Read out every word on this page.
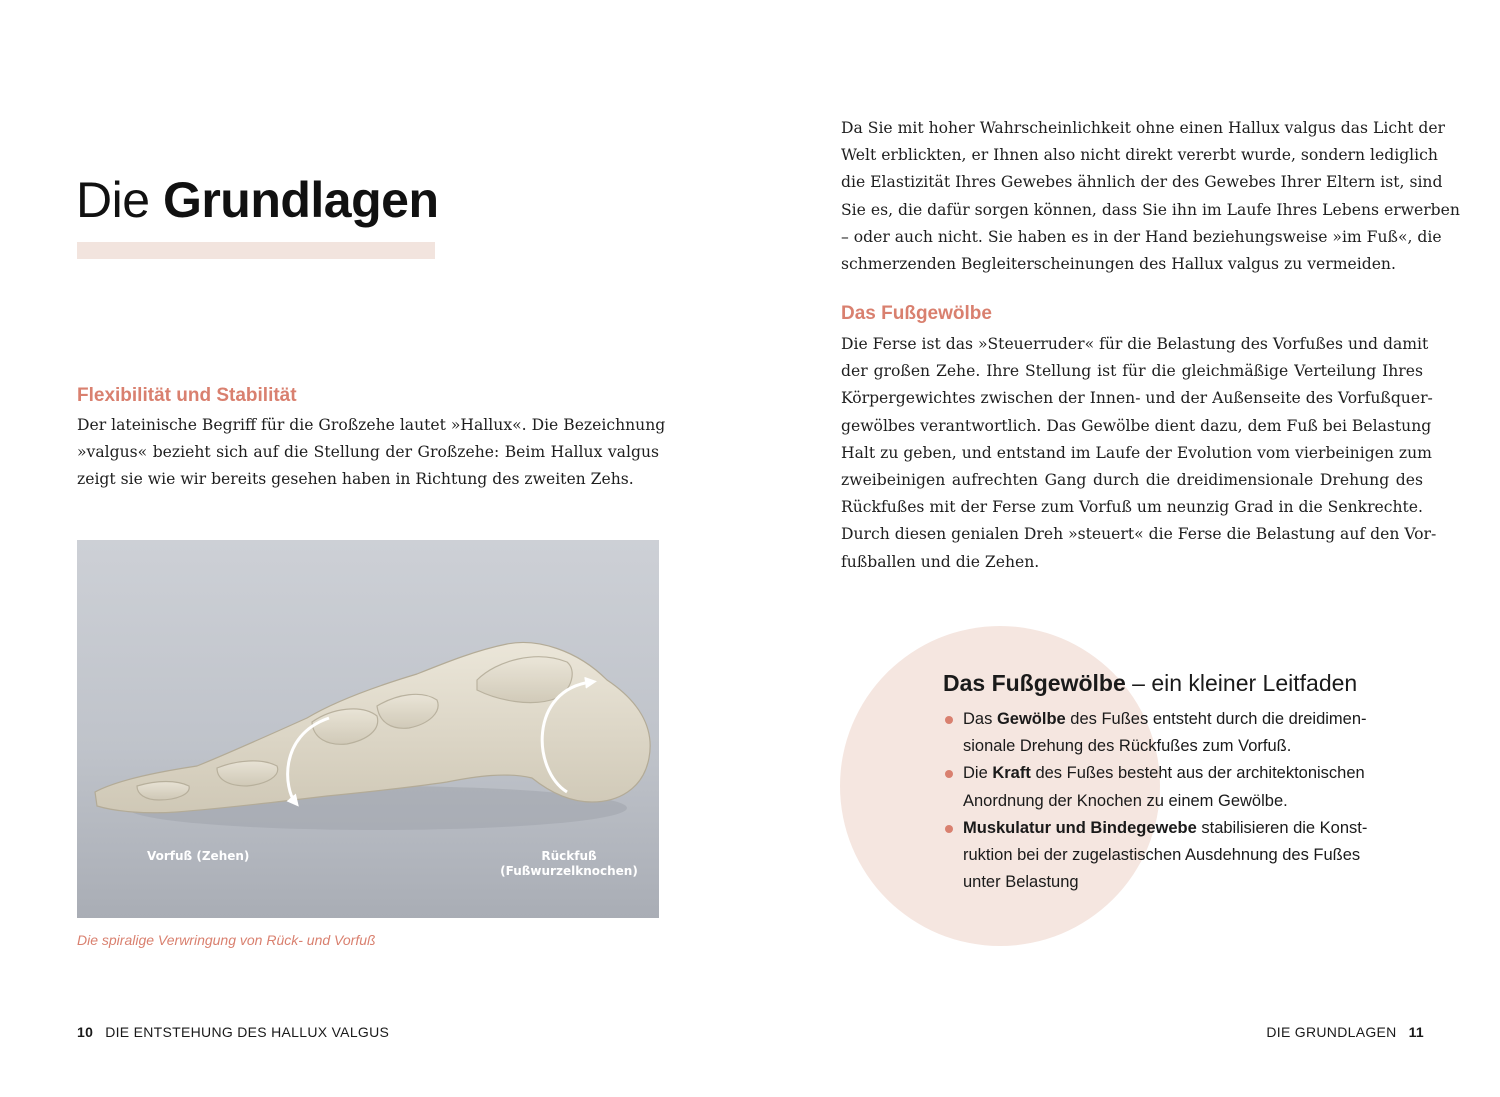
Die Grundlagen
Flexibilität und Stabilität
Der lateinische Begriff für die Großzehe lautet »Hallux«. Die Bezeichnung
»valgus« bezieht sich auf die Stellung der Großzehe: Beim Hallux valgus
zeigt sie wie wir bereits gesehen haben in Richtung des zweiten Zehs.
Vorfuß (Zehen)	Rückfuß
(Fußwurzelknochen)
Die spiralige Verwringung von Rück- und Vorfuß
Da Sie mit hoher Wahrscheinlichkeit ohne einen Hallux valgus das Licht der
Welt erblickten, er Ihnen also nicht direkt vererbt wurde, sondern lediglich
die Elastizität Ihres Gewebes ähnlich der des Gewebes Ihrer Eltern ist, sind
Sie es, die dafür sorgen können, dass Sie ihn im Laufe Ihres Lebens erwerben
– oder auch nicht. Sie haben es in der Hand beziehungsweise »im Fuß«, die
schmerzenden Begleiterscheinungen des Hallux valgus zu vermeiden.
Das Fußgewölbe
Die Ferse ist das »Steuerruder« für die Belastung des Vorfußes und damit
der großen Zehe. Ihre Stellung ist für die gleichmäßige Verteilung Ihres
Körpergewichtes zwischen der Innen- und der Außenseite des Vorfußquer-
gewölbes verantwortlich. Das Gewölbe dient dazu, dem Fuß bei Belastung
Halt zu geben, und entstand im Laufe der Evolution vom vierbeinigen zum
zweibeinigen aufrechten Gang durch die dreidimensionale Drehung des
Rückfußes mit der Ferse zum Vorfuß um neunzig Grad in die Senkrechte.
Durch diesen genialen Dreh »steuert« die Ferse die Belastung auf den Vor-
fußballen und die Zehen.
Das Fußgewölbe – ein kleiner Leitfaden
Das Gewölbe des Fußes entsteht durch die dreidimen-
sionale Drehung des Rückfußes zum Vorfuß.
Die Kraft des Fußes besteht aus der architektonischen
Anordnung der Knochen zu einem Gewölbe.
Muskulatur und Bindegewebe stabilisieren die Konst-
ruktion bei der zugelastischen Ausdehnung des Fußes
unter Belastung
10 DIE ENTSTEHUNG DES HALLUX VALGUS	DIE GRUNDLAGEN 11
